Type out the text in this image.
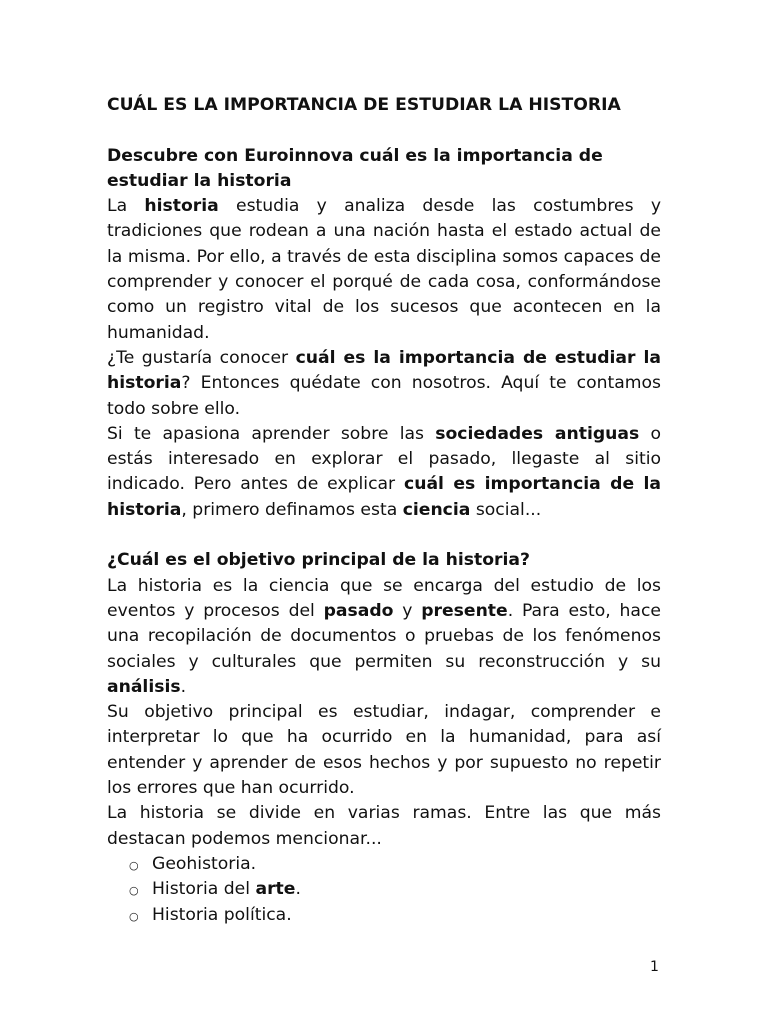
CUÁL ES LA IMPORTANCIA DE ESTUDIAR LA HISTORIA

Descubre con Euroinnova cuál es la importancia de estudiar la historia

La historia estudia y analiza desde las costumbres y tradiciones que rodean a una nación hasta el estado actual de la misma. Por ello, a través de esta disciplina somos capaces de comprender y conocer el porqué de cada cosa, conformándose como un registro vital de los sucesos que acontecen en la humanidad.

¿Te gustaría conocer cuál es la importancia de estudiar la historia? Entonces quédate con nosotros. Aquí te contamos todo sobre ello.

Si te apasiona aprender sobre las sociedades antiguas o estás interesado en explorar el pasado, llegaste al sitio indicado. Pero antes de explicar cuál es importancia de la historia, primero definamos esta ciencia social...

¿Cuál es el objetivo principal de la historia?

La historia es la ciencia que se encarga del estudio de los eventos y procesos del pasado y presente. Para esto, hace una recopilación de documentos o pruebas de los fenómenos sociales y culturales que permiten su reconstrucción y su análisis.

Su objetivo principal es estudiar, indagar, comprender e interpretar lo que ha ocurrido en la humanidad, para así entender y aprender de esos hechos y por supuesto no repetir los errores que han ocurrido.

La historia se divide en varias ramas. Entre las que más destacan podemos mencionar...

○ Geohistoria.
○ Historia del arte.
○ Historia política.
1
